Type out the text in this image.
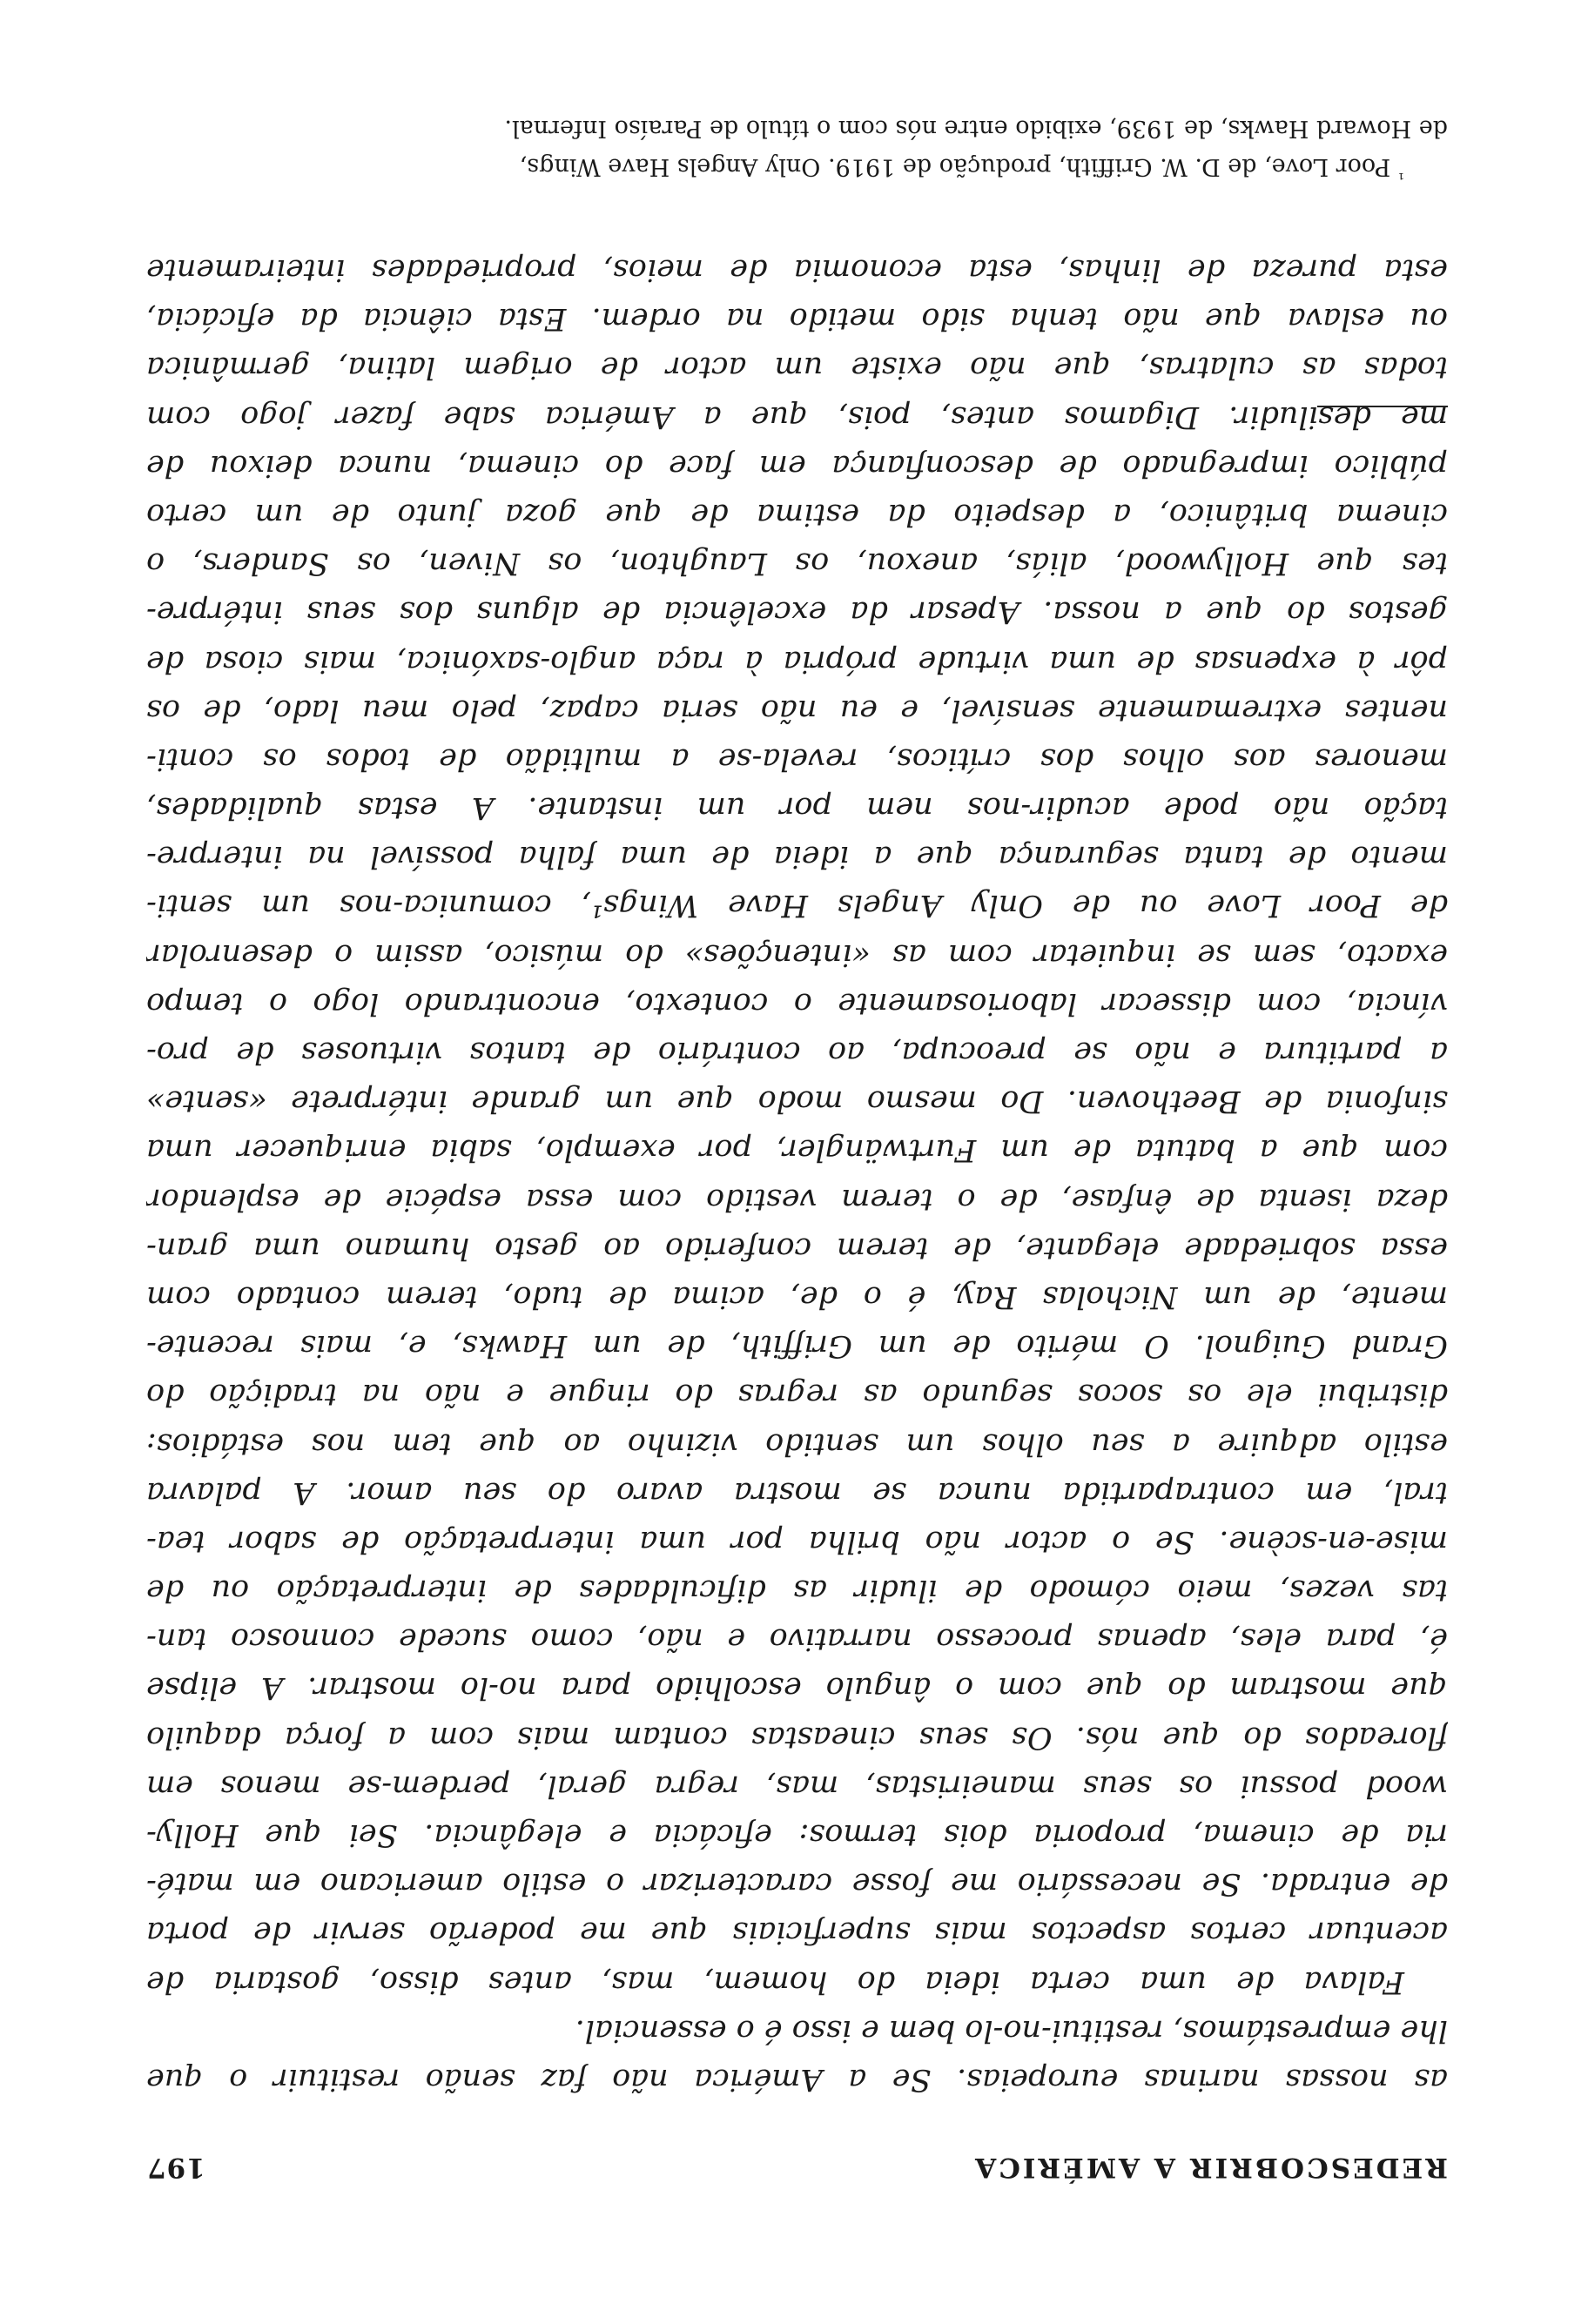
REDESCOBRIR A AMÉRICA
197
as nossas narinas europeias. Se a América não faz senão restituir o que
lhe emprestámos, restitui-no-lo bem e isso é o essencial.
Falava de uma certa ideia do homem, mas, antes disso, gostaria de
acentuar certos aspectos mais superficiais que me poderão servir de porta
de entrada. Se necessário me fosse caracterizar o estilo americano em maté-
ria de cinema, proporia dois termos: eficácia e elegância. Sei que Holly-
wood possui os seus maneiristas, mas, regra geral, perdem-se menos em
floreados do que nós. Os seus cineastas contam mais com a força daquilo
que mostram do que com o ângulo escolhido para no-lo mostrar. A elipse
é, para eles, apenas processo narrativo e não, como sucede connosco tan-
tas vezes, meio cómodo de iludir as dificuldades de interpretação ou de
mise-en-scène. Se o actor não brilha por uma interpretação de sabor tea-
tral, em contrapartida nunca se mostra avaro do seu amor. A palavra
estilo adquire a seu olhos um sentido vizinho ao que tem nos estádios:
distribui ele os socos segundo as regras do ringue e não na tradição do
Grand Guignol. O mérito de um Griffith, de um Hawks, e, mais recente-
mente, de um Nicholas Ray, é o de, acima de tudo, terem contado com
essa sobriedade elegante, de terem conferido ao gesto humano uma gran-
deza isenta de ênfase, de o terem vestido com essa espécie de esplendor
com que a batuta de um Furtwängler, por exemplo, sabia enriquecer uma
sinfonia de Beethoven. Do mesmo modo que um grande intérprete «sente»
a partitura e não se preocupa, ao contrário de tantos virtuoses de pro-
víncia, com dissecar laboriosamente o contexto, encontrando logo o tempo
exacto, sem se inquietar com as «intenções» do músico, assim o desenrolar
de Poor Love ou de Only Angels Have Wings¹, comunica-nos um senti-
mento de tanta segurança que a ideia de uma falha possível na interpre-
tação não pode acudir-nos nem por um instante. A estas qualidades,
menores aos olhos dos críticos, revela-se a multidão de todos os conti-
nentes extremamente sensível, e eu não seria capaz, pelo meu lado, de os
pôr à expensas de uma virtude própria à raça anglo-saxónica, mais ciosa de
gestos do que a nossa. Apesar da excelência de alguns dos seus intérpre-
tes que Hollywood, aliás, anexou, os Laughton, os Niven, os Sanders, o
cinema britânico, a despeito da estima de que goza junto de um certo
público impregnado de desconfiança em face do cinema, nunca deixou de
me desiludir. Digamos antes, pois, que a América sabe fazer jogo com
todas as culatras, que não existe um actor de origem latina, germânica
ou eslava que não tenha sido metido na ordem. Esta ciência da eficácia,
esta pureza de linhas, esta economia de meios, propriedades inteiramente
$^{^1}$ Poor Love, de D. W. Griffith, produção de 1919. Only Angels Have Wings,
de Howard Hawks, de 1939, exibido entre nós com o título de Paraíso Infernal.
